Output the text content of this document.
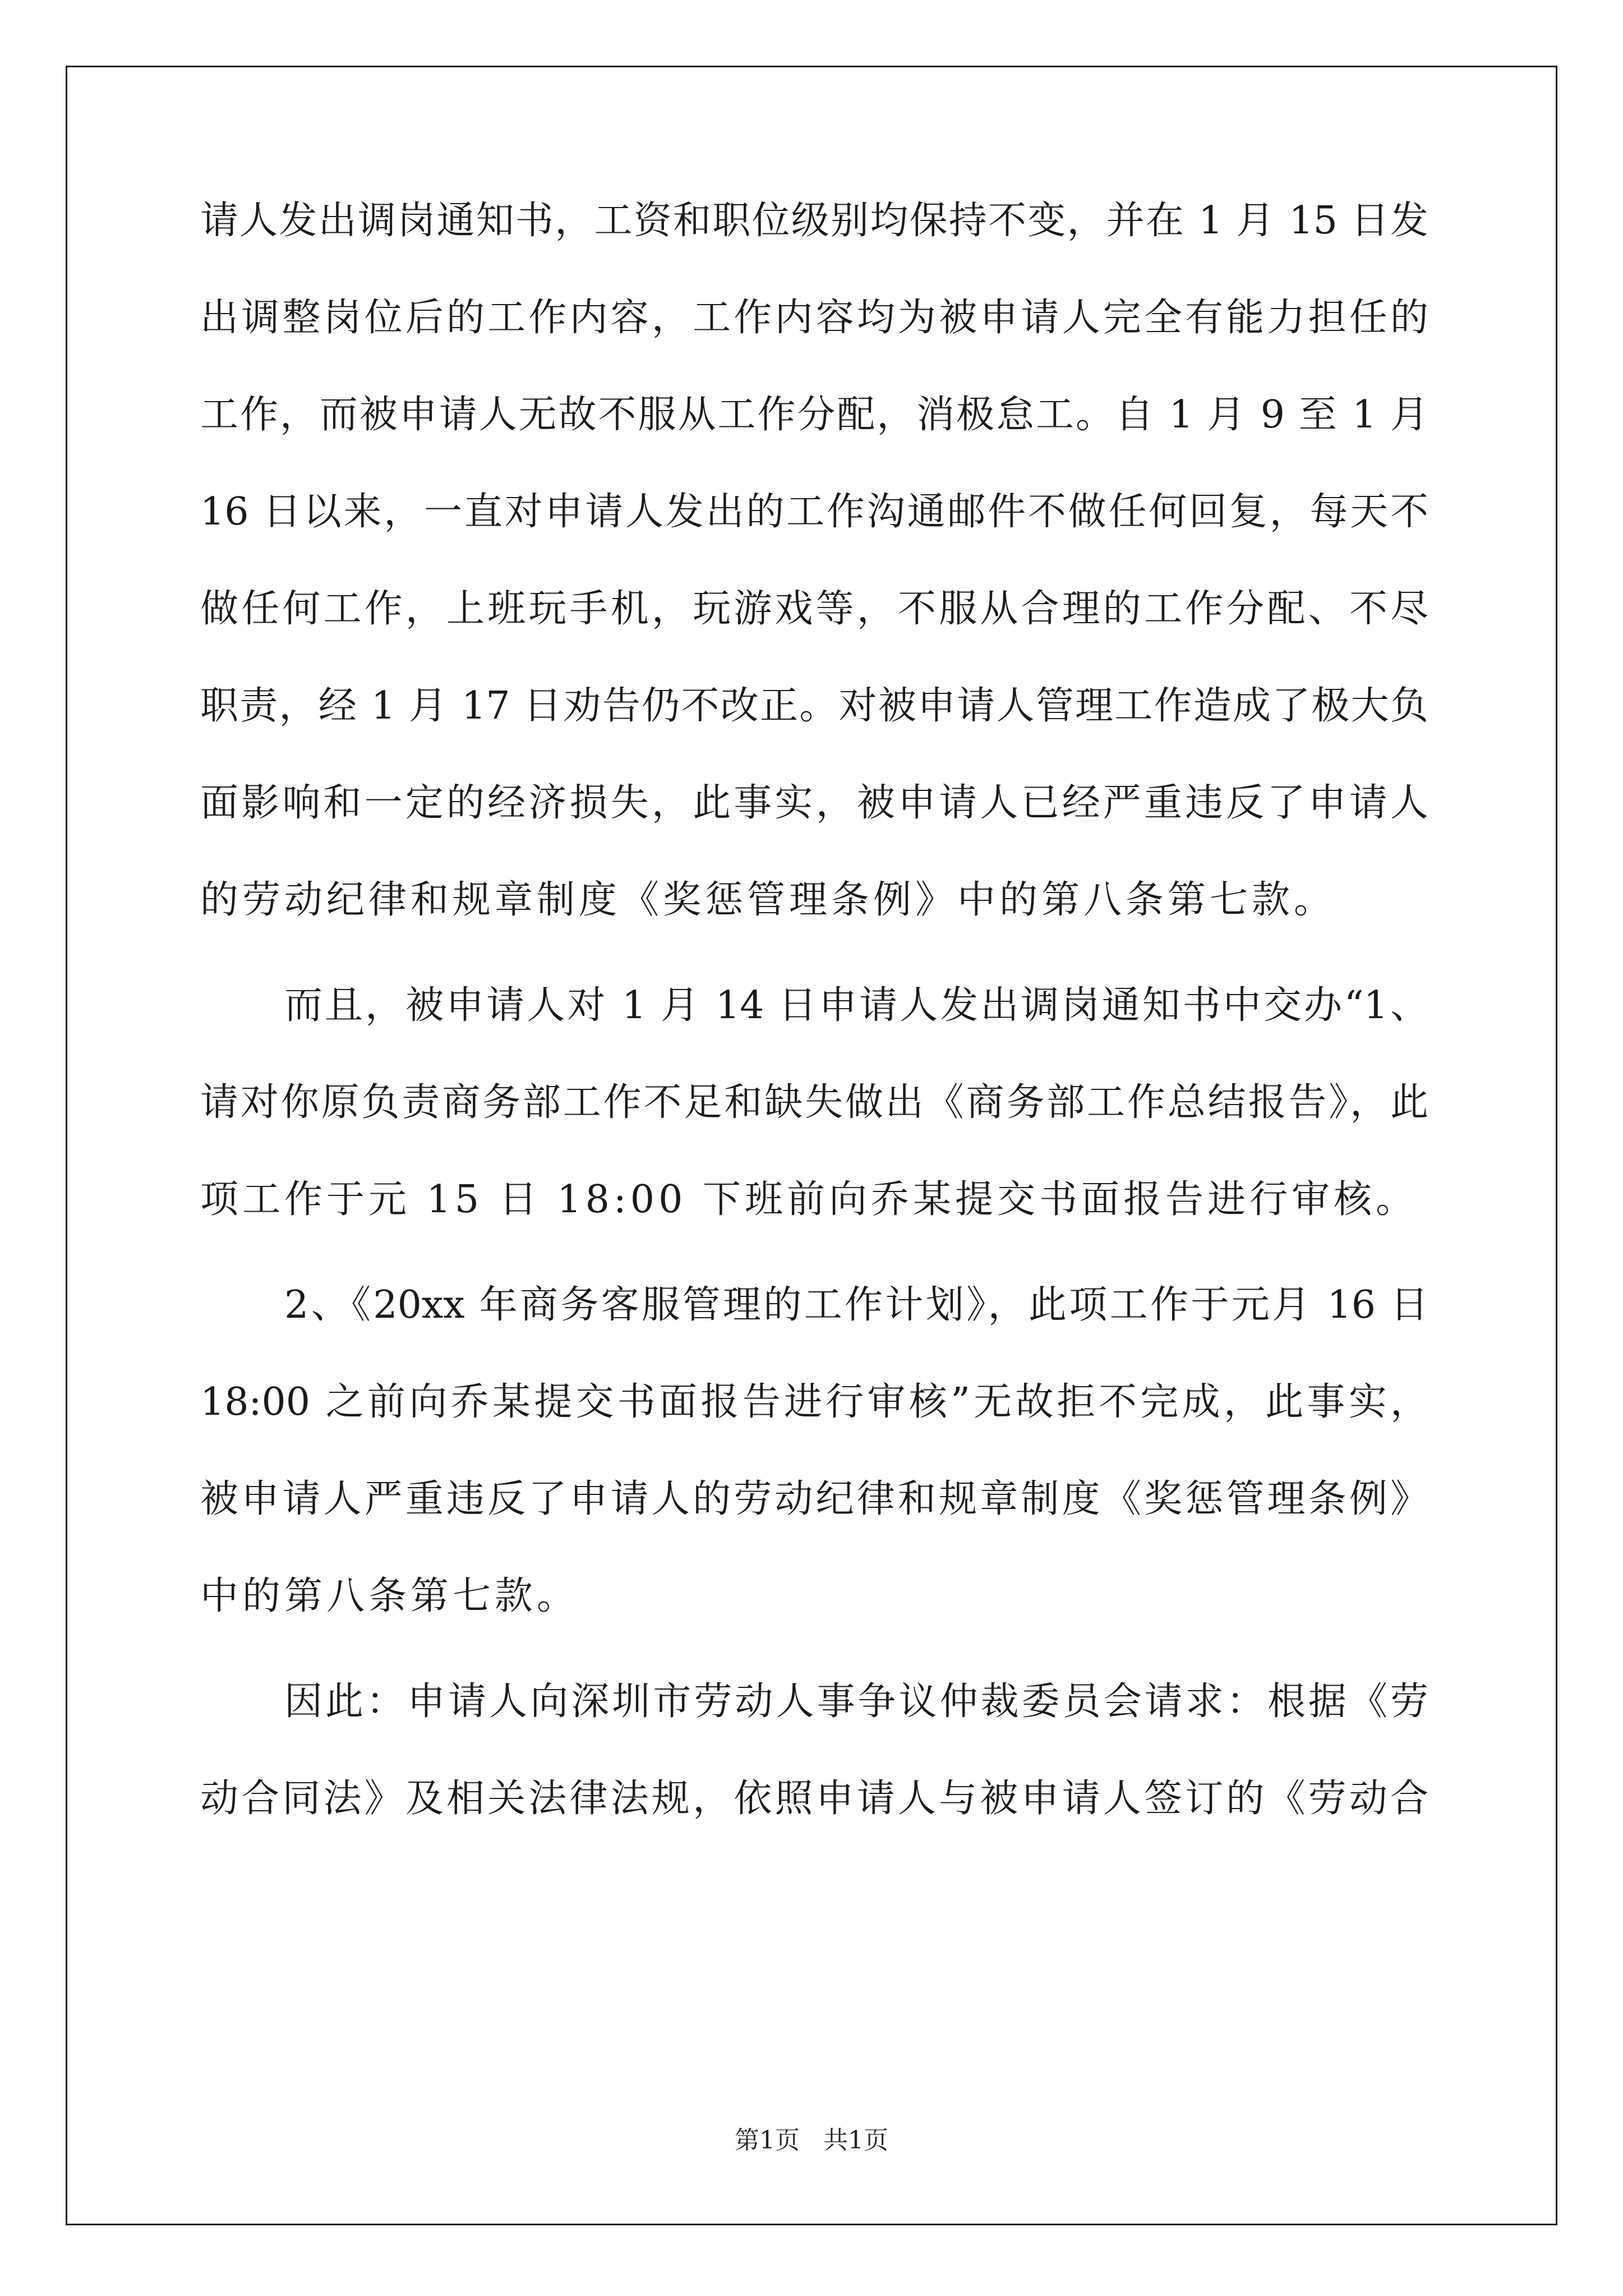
请人发出调岗通知书，工资和职位级别均保持不变，并在 1 月 15 日发
出调整岗位后的工作内容，工作内容均为被申请人完全有能力担任的
工作，而被申请人无故不服从工作分配，消极怠工。自 1 月 9 至 1 月
16 日以来，一直对申请人发出的工作沟通邮件不做任何回复，每天不
做任何工作，上班玩手机，玩游戏等，不服从合理的工作分配、不尽
职责，经 1 月 17 日劝告仍不改正。对被申请人管理工作造成了极大负
面影响和一定的经济损失，此事实，被申请人已经严重违反了申请人
的劳动纪律和规章制度《奖惩管理条例》中的第八条第七款。
而且，被申请人对 1 月 14 日申请人发出调岗通知书中交办“1、
请对你原负责商务部工作不足和缺失做出《商务部工作总结报告》，此
项工作于元 15 日 18:00 下班前向乔某提交书面报告进行审核。
2、《20xx 年商务客服管理的工作计划》，此项工作于元月 16 日
18:00 之前向乔某提交书面报告进行审核”无故拒不完成，此事实，
被申请人严重违反了申请人的劳动纪律和规章制度《奖惩管理条例》
中的第八条第七款。
因此：申请人向深圳市劳动人事争议仲裁委员会请求：根据《劳
动合同法》及相关法律法规，依照申请人与被申请人签订的《劳动合
第1页   共1页
